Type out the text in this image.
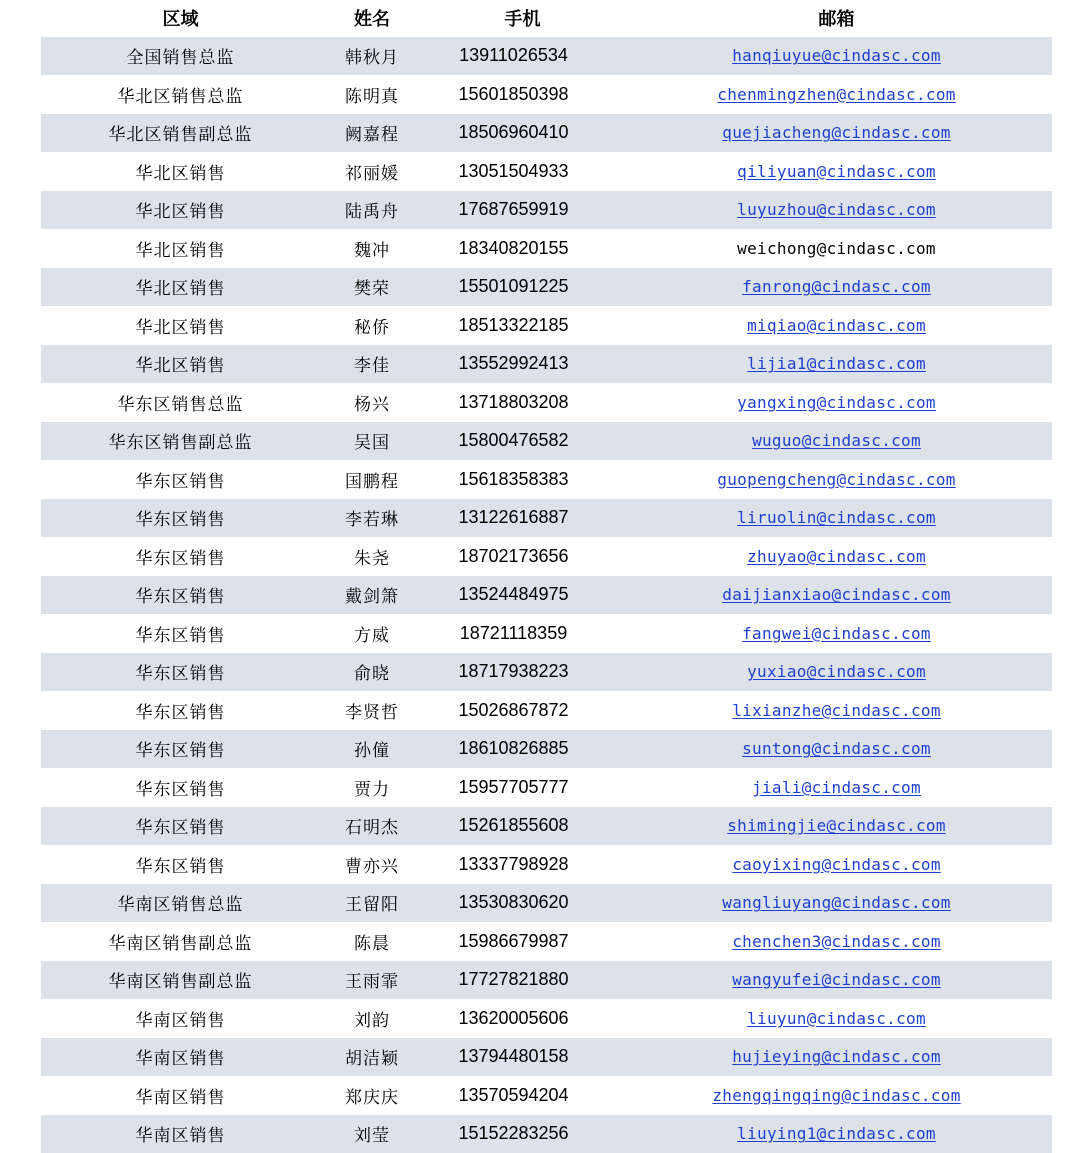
区域	姓名	手机	邮箱
全国销售总监	韩秋月	13911026534	hanqiuyue@cindasc.com
华北区销售总监	陈明真	15601850398	chenmingzhen@cindasc.com
华北区销售副总监	阙嘉程	18506960410	quejiacheng@cindasc.com
华北区销售	祁丽媛	13051504933	qiliyuan@cindasc.com
华北区销售	陆禹舟	17687659919	luyuzhou@cindasc.com
华北区销售	魏冲	18340820155	weichong@cindasc.com
华北区销售	樊荣	15501091225	fanrong@cindasc.com
华北区销售	秘侨	18513322185	miqiao@cindasc.com
华北区销售	李佳	13552992413	lijia1@cindasc.com
华东区销售总监	杨兴	13718803208	yangxing@cindasc.com
华东区销售副总监	吴国	15800476582	wuguo@cindasc.com
华东区销售	国鹏程	15618358383	guopengcheng@cindasc.com
华东区销售	李若琳	13122616887	liruolin@cindasc.com
华东区销售	朱尧	18702173656	zhuyao@cindasc.com
华东区销售	戴剑箫	13524484975	daijianxiao@cindasc.com
华东区销售	方威	18721118359	fangwei@cindasc.com
华东区销售	俞晓	18717938223	yuxiao@cindasc.com
华东区销售	李贤哲	15026867872	lixianzhe@cindasc.com
华东区销售	孙僮	18610826885	suntong@cindasc.com
华东区销售	贾力	15957705777	jiali@cindasc.com
华东区销售	石明杰	15261855608	shimingjie@cindasc.com
华东区销售	曹亦兴	13337798928	caoyixing@cindasc.com
华南区销售总监	王留阳	13530830620	wangliuyang@cindasc.com
华南区销售副总监	陈晨	15986679987	chenchen3@cindasc.com
华南区销售副总监	王雨霏	17727821880	wangyufei@cindasc.com
华南区销售	刘韵	13620005606	liuyun@cindasc.com
华南区销售	胡洁颖	13794480158	hujieying@cindasc.com
华南区销售	郑庆庆	13570594204	zhengqingqing@cindasc.com
华南区销售	刘莹	15152283256	liuying1@cindasc.com
